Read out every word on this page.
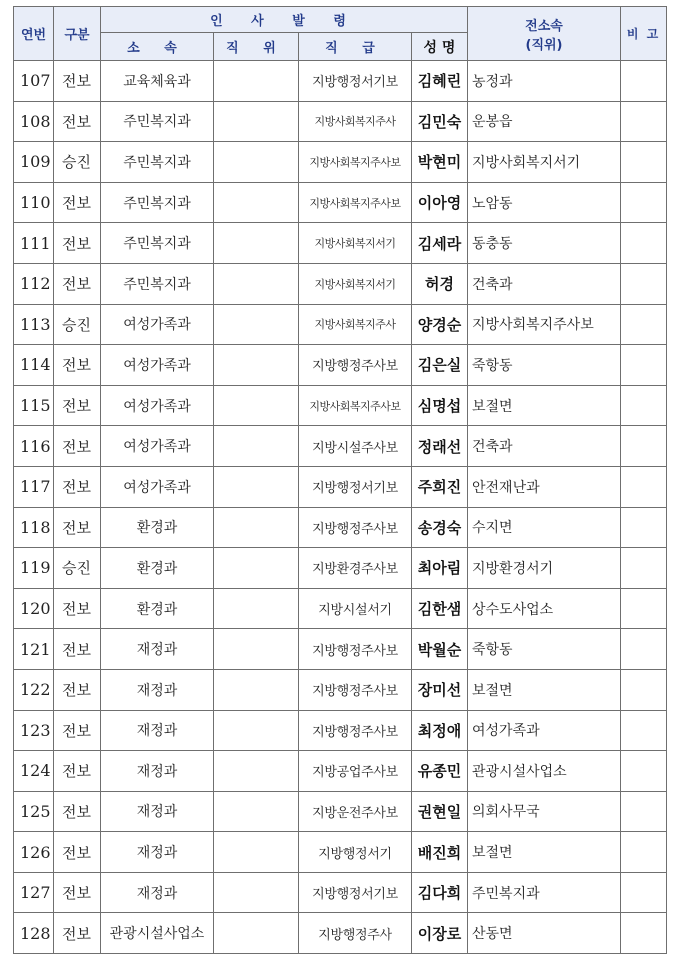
연번	구분	인 사 발 령				전소속
(직위)	비 고
		소 속	직 위	직 급	성 명		
107	전보	교육체육과		지방행정서기보	김혜린	농정과	
108	전보	주민복지과		지방사회복지주사	김민숙	운봉읍	
109	승진	주민복지과		지방사회복지주사보	박현미	지방사회복지서기	
110	전보	주민복지과		지방사회복지주사보	이아영	노암동	
111	전보	주민복지과		지방사회복지서기	김세라	동충동	
112	전보	주민복지과		지방사회복지서기	허경	건축과	
113	승진	여성가족과		지방사회복지주사	양경순	지방사회복지주사보	
114	전보	여성가족과		지방행정주사보	김은실	죽항동	
115	전보	여성가족과		지방사회복지주사보	심명섭	보절면	
116	전보	여성가족과		지방시설주사보	정래선	건축과	
117	전보	여성가족과		지방행정서기보	주희진	안전재난과	
118	전보	환경과		지방행정주사보	송경숙	수지면	
119	승진	환경과		지방환경주사보	최아림	지방환경서기	
120	전보	환경과		지방시설서기	김한샘	상수도사업소	
121	전보	재정과		지방행정주사보	박월순	죽항동	
122	전보	재정과		지방행정주사보	장미선	보절면	
123	전보	재정과		지방행정주사보	최정애	여성가족과	
124	전보	재정과		지방공업주사보	유종민	관광시설사업소	
125	전보	재정과		지방운전주사보	권현일	의회사무국	
126	전보	재정과		지방행정서기	배진희	보절면	
127	전보	재정과		지방행정서기보	김다희	주민복지과	
128	전보	관광시설사업소		지방행정주사	이장로	산동면	
